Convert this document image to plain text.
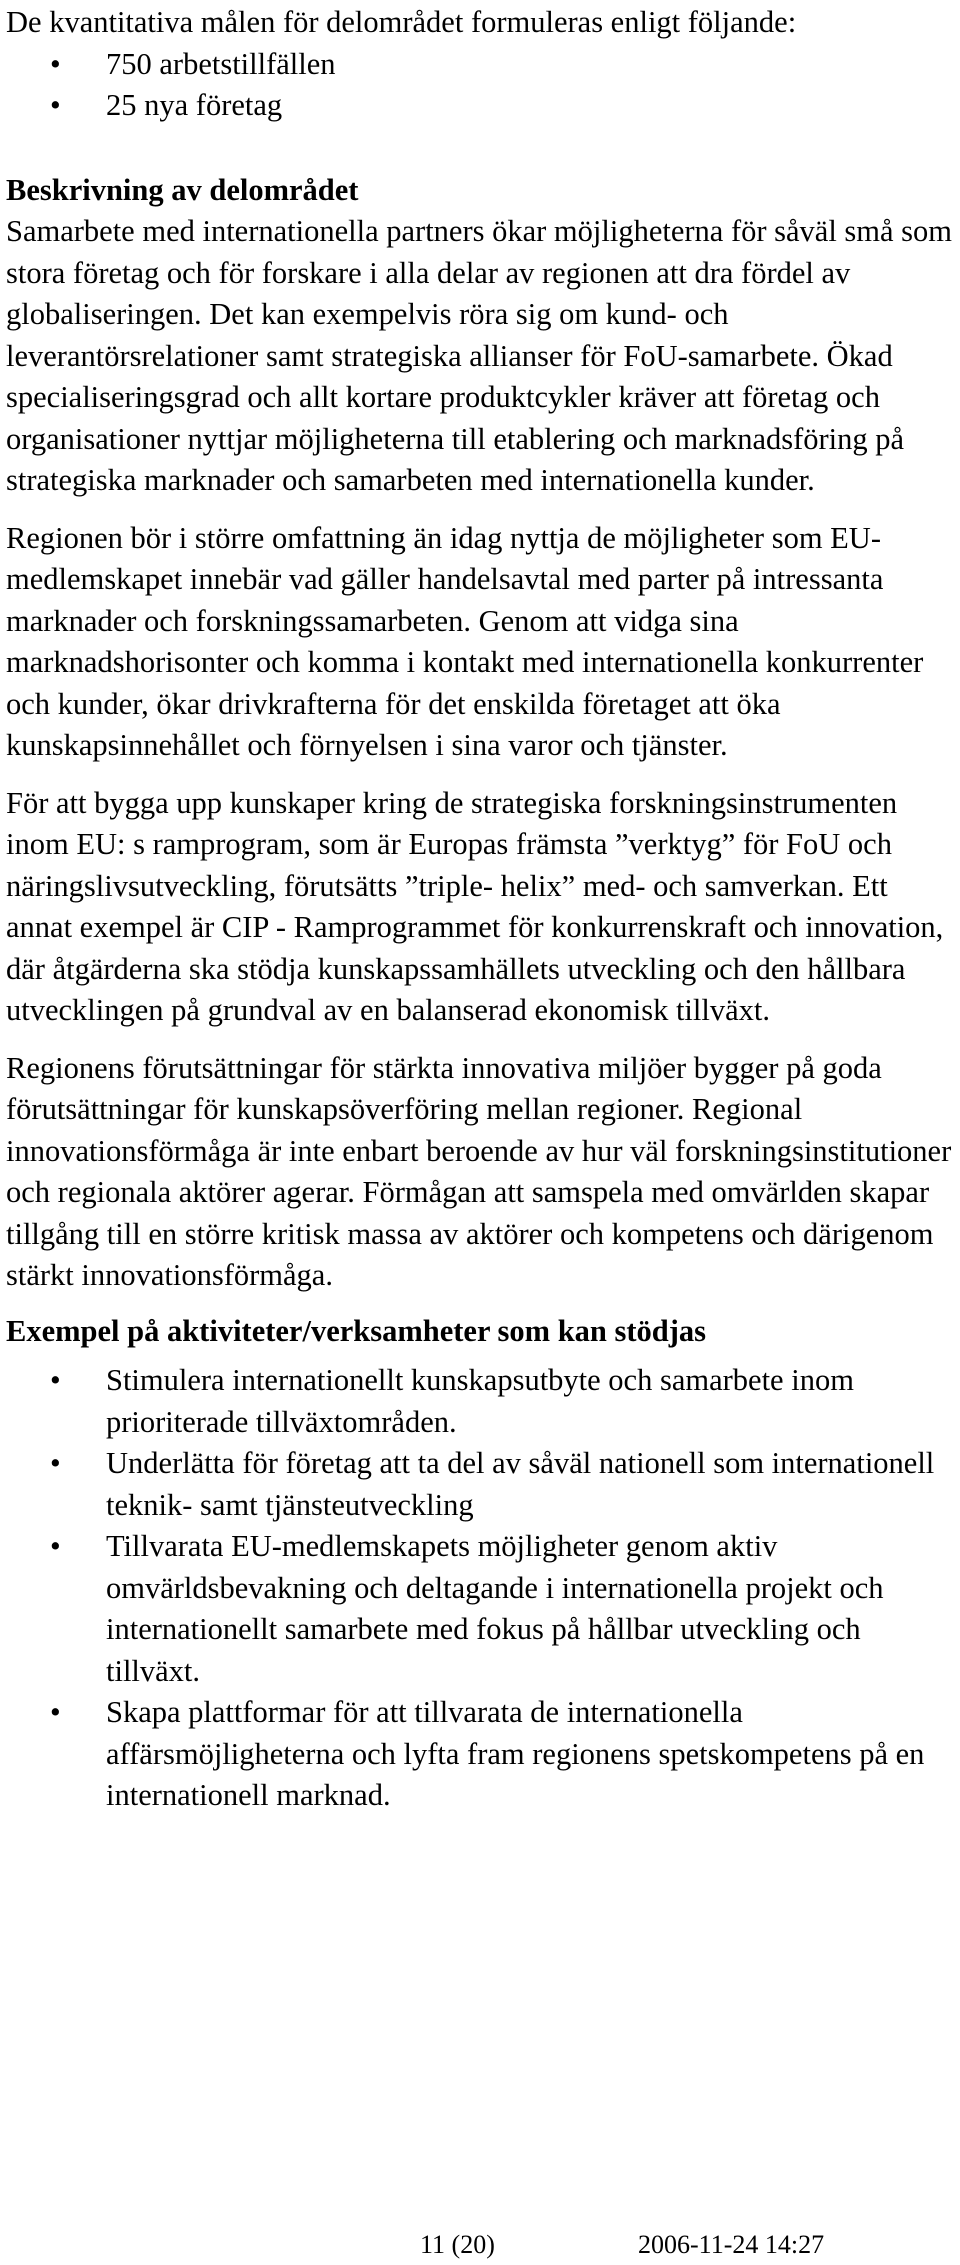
De kvantitativa målen för delområdet formuleras enligt följande:

• 750 arbetstillfällen
• 25 nya företag
Beskrivning av delområdet

Samarbete med internationella partners ökar möjligheterna för såväl små som stora företag och för forskare i alla delar av regionen att dra fördel av globaliseringen. Det kan exempelvis röra sig om kund- och leverantörsrelationer samt strategiska allianser för FoU-samarbete. Ökad specialiseringsgrad och allt kortare produktcykler kräver att företag och organisationer nyttjar möjligheterna till etablering och marknadsföring på strategiska marknader och samarbeten med internationella kunder.

Regionen bör i större omfattning än idag nyttja de möjligheter som EU-medlemskapet innebär vad gäller handelsavtal med parter på intressanta marknader och forskningssamarbeten. Genom att vidga sina marknadshorisonter och komma i kontakt med internationella konkurrenter och kunder, ökar drivkrafterna för det enskilda företaget att öka kunskapsinnehållet och förnyelsen i sina varor och tjänster.

För att bygga upp kunskaper kring de strategiska forskningsinstrumenten inom EU: s ramprogram, som är Europas främsta ”verktyg” för FoU och näringslivsutveckling, förutsätts ”triple- helix” med- och samverkan. Ett annat exempel är CIP - Ramprogrammet för konkurrenskraft och innovation, där åtgärderna ska stödja kunskapssamhällets utveckling och den hållbara utvecklingen på grundval av en balanserad ekonomisk tillväxt.

Regionens förutsättningar för stärkta innovativa miljöer bygger på goda förutsättningar för kunskapsöverföring mellan regioner. Regional innovationsförmåga är inte enbart beroende av hur väl forskningsinstitutioner och regionala aktörer agerar. Förmågan att samspela med omvärlden skapar tillgång till en större kritisk massa av aktörer och kompetens och därigenom stärkt innovationsförmåga.

Exempel på aktiviteter/verksamheter som kan stödjas
• Stimulera internationellt kunskapsutbyte och samarbete inom prioriterade tillväxtområden.
• Underlätta för företag att ta del av såväl nationell som internationell teknik- samt tjänsteutveckling
• Tillvarata EU-medlemskapets möjligheter genom aktiv omvärldsbevakning och deltagande i internationella projekt och internationellt samarbete med fokus på hållbar utveckling och tillväxt.
• Skapa plattformar för att tillvarata de internationella affärsmöjligheterna och lyfta fram regionens spetskompetens på en internationell marknad.
11 (20)	2006-11-24 14:27
